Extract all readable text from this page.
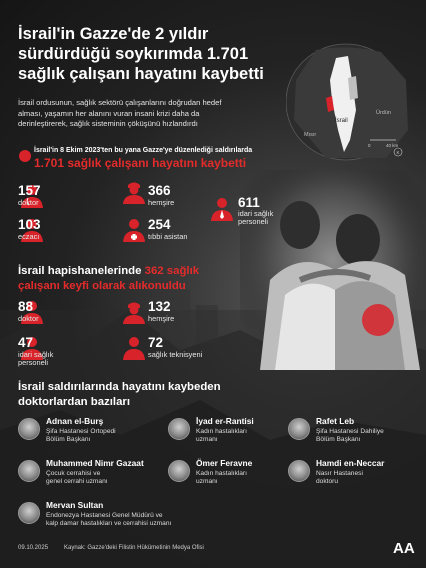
İsrail'in Gazze'de 2 yıldır
sürdürdüğü soykırımda 1.701
sağlık çalışanı hayatını kaybetti
İsrail ordusunun, sağlık sektörü çalışanlarını doğrudan hedef
alması, yaşamın her alanını vuran insani krizi daha da
derinleştirerek, sağlık sisteminin çöküşünü hızlandırdı	İsrail
Ürdün
Mısır
0	40 km
K
İsrail'in 8 Ekim 2023'ten bu yana Gazze'ye düzenlediği saldırılarda
1.701 sağlık çalışanı hayatını kaybetti
157
doktor
366
hemşire	611
idari sağlık
personeli
103
eczacı
254
tıbbi asistan
İsrail hapishanelerinde 362 sağlık
çalışanı keyfi olarak alıkonuldu
88
doktor
132
hemşire
47
idari sağlık
personeli
72
sağlık teknisyeni
İsrail saldırılarında hayatını kaybeden
doktorlardan bazıları
Adnan el-Burş
Şifa Hastanesi Ortopedi
Bölüm Başkanı
İyad er-Rantisi
Kadın hastalıkları
uzmanı
Rafet Leb
Şifa Hastanesi Dahiliye
Bölüm Başkanı
Muhammed Nimr Gazaat
Çocuk cerrahisi ve
genel cerrahi uzmanı
Ömer Feravne
Kadın hastalıkları
uzmanı
Hamdi en-Neccar
Nasır Hastanesi
doktoru
Mervan Sultan
Endonezya Hastanesi Genel Müdürü ve
kalp damar hastalıkları ve cerrahisi uzmanı
09.10.2025	Kaynak: Gazze'deki Filistin Hükümetinin Medya Ofisi	AA
